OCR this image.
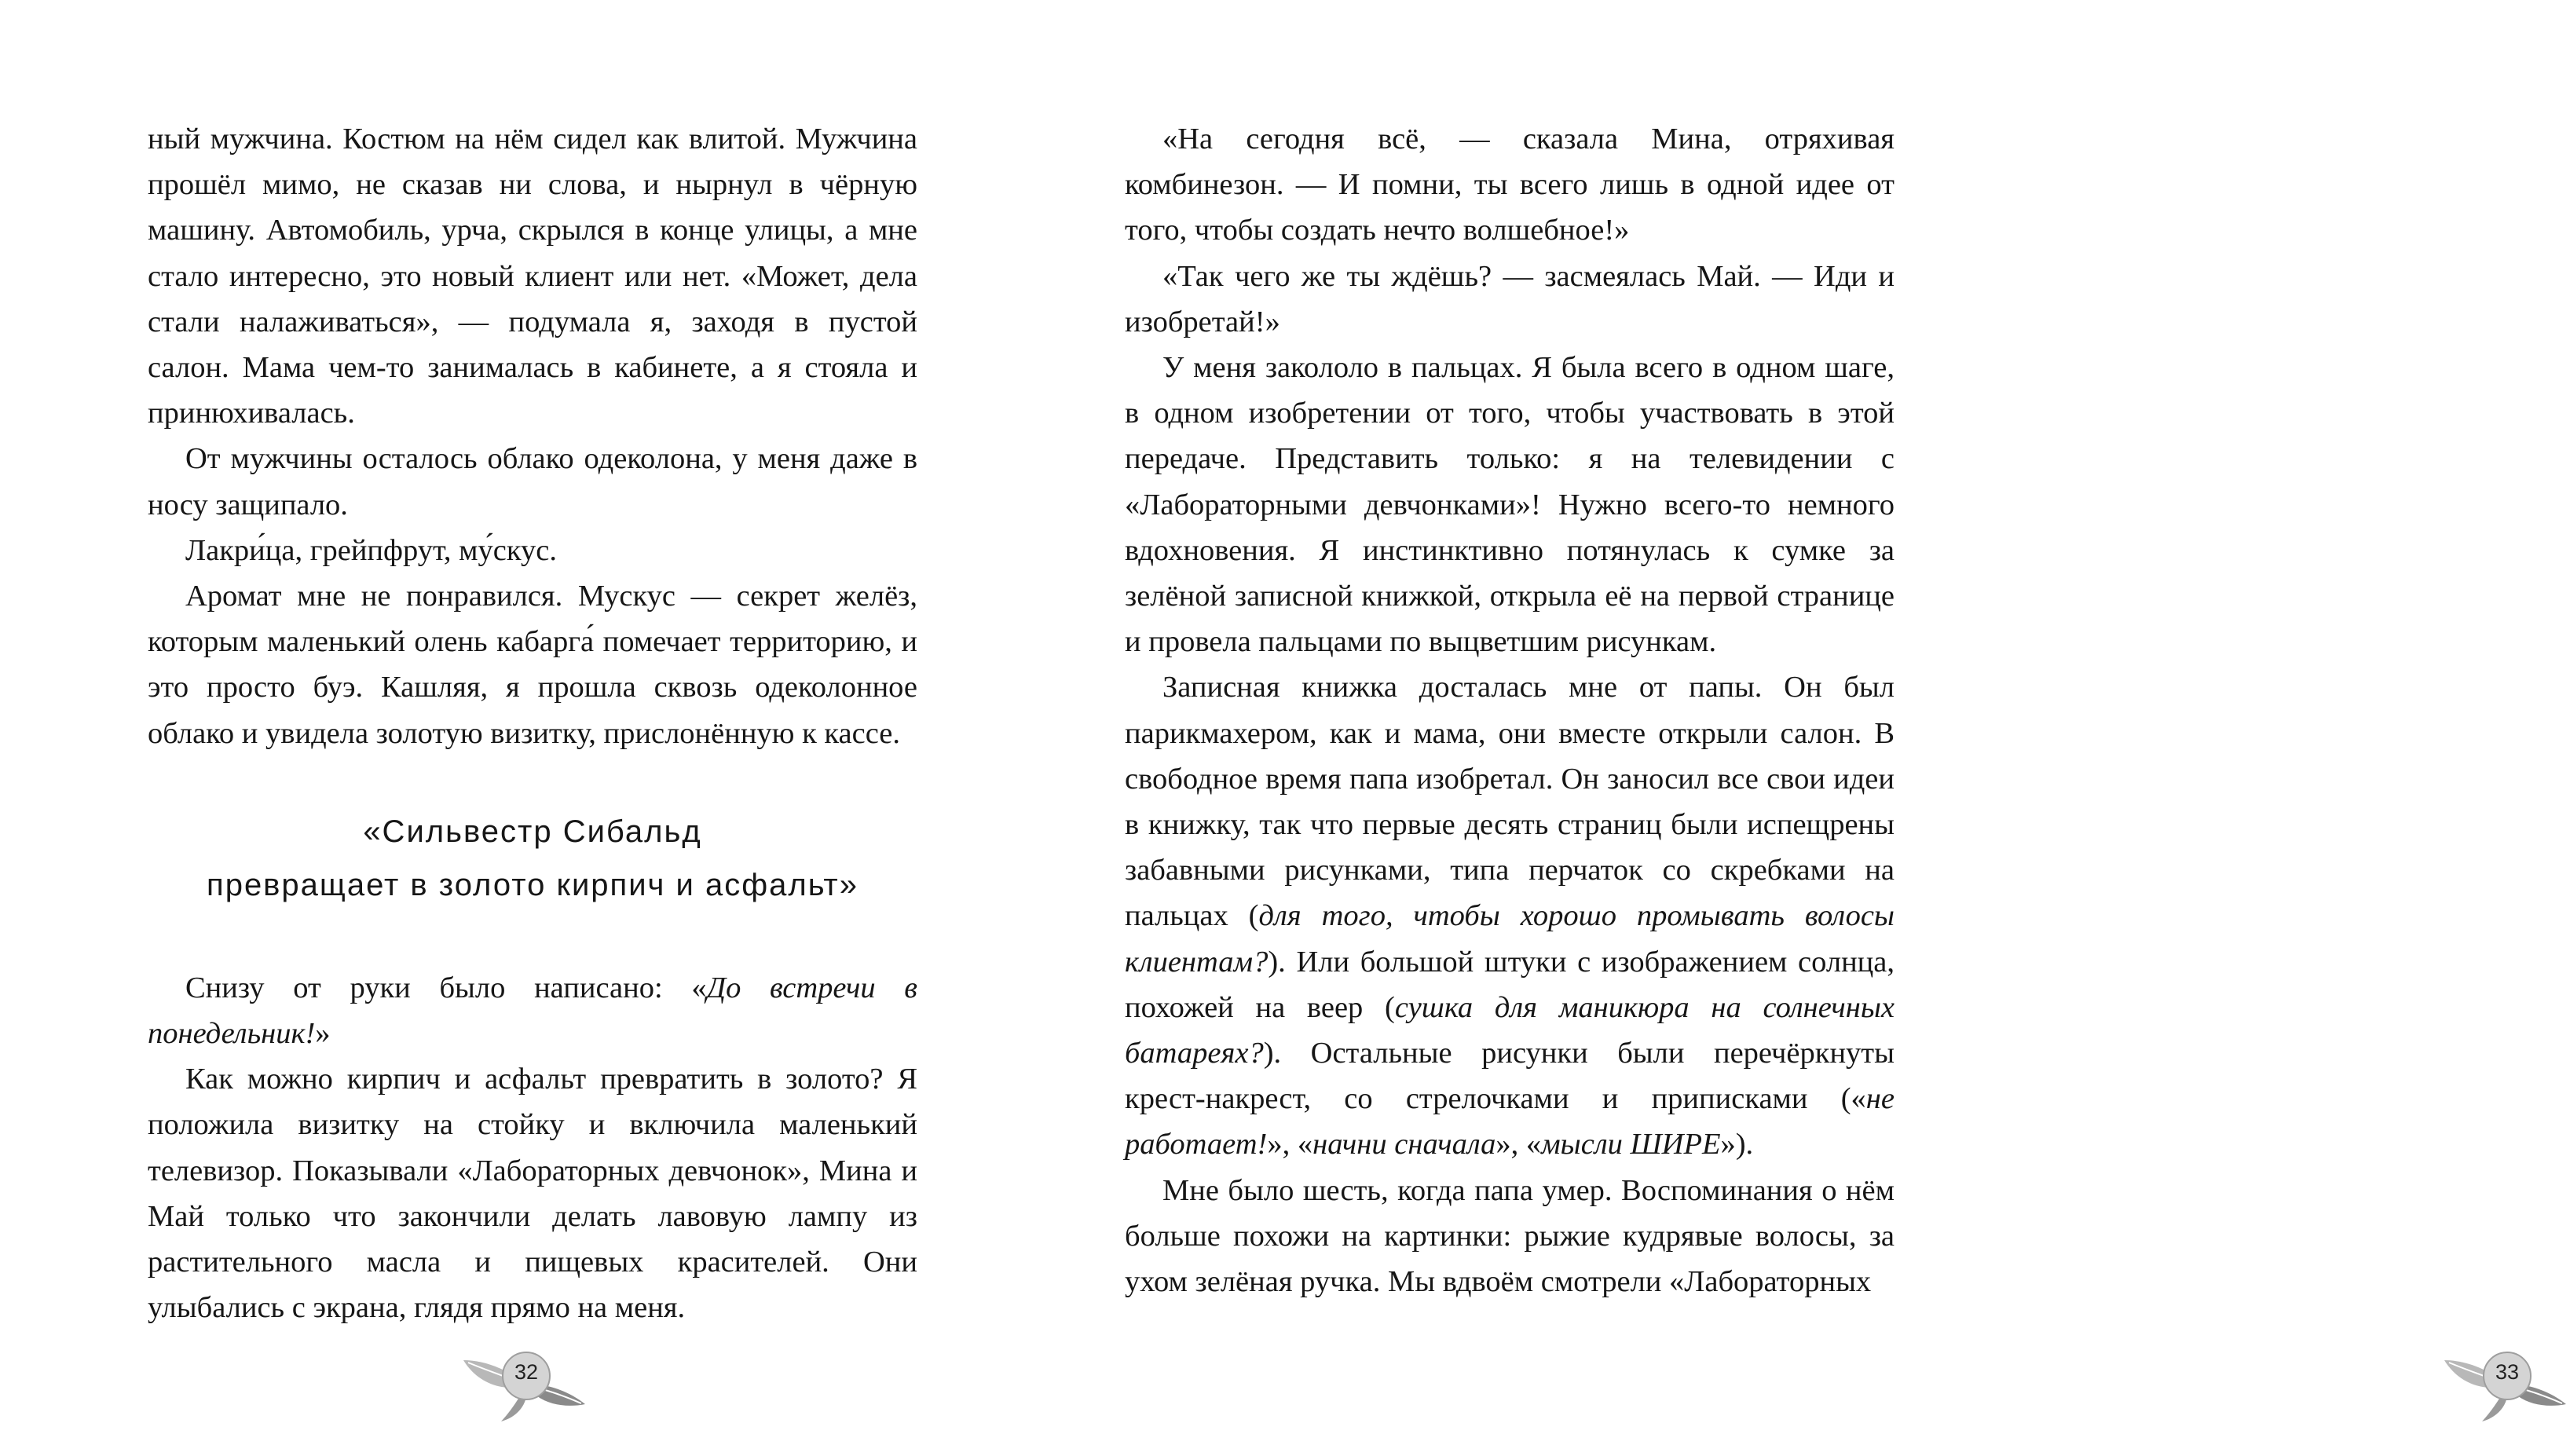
ный мужчина. Костюм на нём сидел как влитой. Мужчина прошёл мимо, не сказав ни слова, и нырнул в чёрную машину. Автомобиль, урча, скрылся в конце улицы, а мне стало интересно, это новый клиент или нет. «Может, дела стали налаживаться», — подумала я, заходя в пустой салон. Мама чем-то занималась в кабинете, а я стояла и принюхивалась.

От мужчины осталось облако одеколона, у меня даже в носу защипало.

Лакри́ца, грейпфрут, му́скус.

Аромат мне не понравился. Мускус — секрет желёз, которым маленький олень кабарга́ помечает территорию, и это просто буэ. Кашляя, я прошла сквозь одеколонное облако и увидела золотую визитку, прислонённую к кассе.

«Сильвестр Сибальд
превращает в золото кирпич и асфальт»

Снизу от руки было написано: «До встречи в понедельник!»

Как можно кирпич и асфальт превратить в золото? Я положила визитку на стойку и включила маленький телевизор. Показывали «Лабораторных девчонок», Мина и Май только что закончили делать лавовую лампу из растительного масла и пищевых красителей. Они улыбались с экрана, глядя прямо на меня.

32

«На сегодня всё, — сказала Мина, отряхивая комбинезон. — И помни, ты всего лишь в одной идее от того, чтобы создать нечто волшебное!»

«Так чего же ты ждёшь? — засмеялась Май. — Иди и изобретай!»

У меня закололо в пальцах. Я была всего в одном шаге, в одном изобретении от того, чтобы участвовать в этой передаче. Представить только: я на телевидении с «Лабораторными девчонками»! Нужно всего-то немного вдохновения. Я инстинктивно потянулась к сумке за зелёной записной книжкой, открыла её на первой странице и провела пальцами по выцветшим рисункам.

Записная книжка досталась мне от папы. Он был парикмахером, как и мама, они вместе открыли салон. В свободное время папа изобретал. Он заносил все свои идеи в книжку, так что первые десять страниц были испещрены забавными рисунками, типа перчаток со скребками на пальцах (для того, чтобы хорошо промывать волосы клиентам?). Или большой штуки с изображением солнца, похожей на веер (сушка для маникюра на солнечных батареях?). Остальные рисунки были перечёркнуты крест-накрест, со стрелочками и приписками («не работает!», «начни сначала», «мысли ШИРЕ»).

Мне было шесть, когда папа умер. Воспоминания о нём больше похожи на картинки: рыжие кудрявые волосы, за ухом зелёная ручка. Мы вдвоём смотрели «Лабораторных

33
